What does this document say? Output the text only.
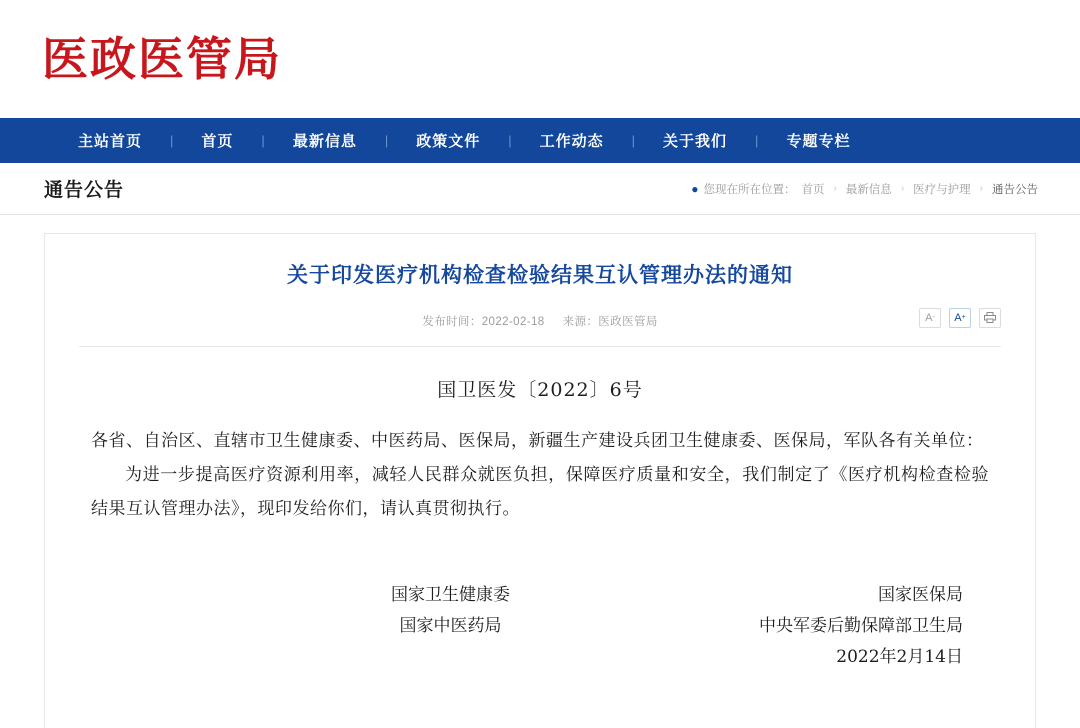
医政医管局
主站首页	|	首页	|	最新信息	|	政策文件	|	工作动态	|	关于我们	|	专题专栏
通告公告	● 您现在所在位置： 首页 › 最新信息 › 医疗与护理 › 通告公告
关于印发医疗机构检查检验结果互认管理办法的通知
发布时间：2022-02-18 来源：医政医管局	A - A +
国卫医发〔2022〕6号
各省、自治区、直辖市卫生健康委、中医药局、医保局，新疆生产建设兵团卫生健康委、医保局，军队各有关单位：
为进一步提高医疗资源利用率，减轻人民群众就医负担，保障医疗质量和安全，我们制定了《医疗机构检查检验结果互认管理办法》，现印发给你们，请认真贯彻执行。
国家卫生健康委
国家中医药局
国家医保局
中央军委后勤保障部卫生局
2022年2月14日
